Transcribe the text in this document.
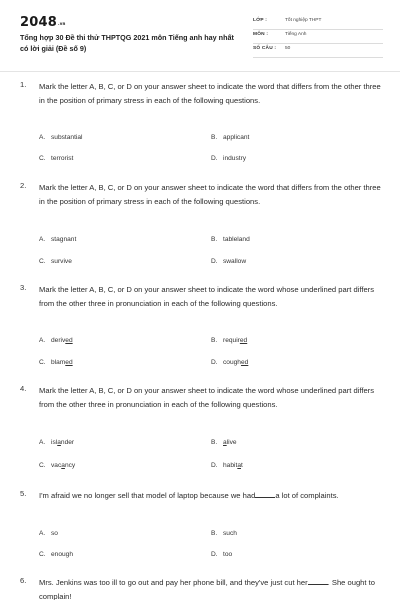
$2048_{.vn}$
Tổng hợp 30 Đề thi thử THPTQG 2021 môn Tiếng anh hay nhất có lời giải (Đề số 9)
LỚP :	Tốt nghiệp THPT
MÔN :	Tiếng Anh
SỐ CÂU : 50
1. Mark the letter A, B, C, or D on your answer sheet to indicate the word that differs from the other three in the position of primary stress in each of the following questions.
A. substantial	B. applicant
C. terrorist	D. industry
2. Mark the letter A, B, C, or D on your answer sheet to indicate the word that differs from the other three in the position of primary stress in each of the following questions.
A. stagnant	B. tableland
C. survive	D. swallow
3. Mark the letter A, B, C, or D on your answer sheet to indicate the word whose underlined part differs from the other three in pronunciation in each of the following questions.
A. derived	B. required
C. blamed	D. coughed
4. Mark the letter A, B, C, or D on your answer sheet to indicate the word whose underlined part differs from the other three in pronunciation in each of the following questions.
A. islander	B. alive
C. vacancy	D. habitat
5. I'm afraid we no longer sell that model of laptop because we had	a lot of complaints.
A. so	B. such
C. enough	D. too
6. Mrs. Jenkins was too ill to go out and pay her phone bill, and they've just cut her	. She ought to complain!
